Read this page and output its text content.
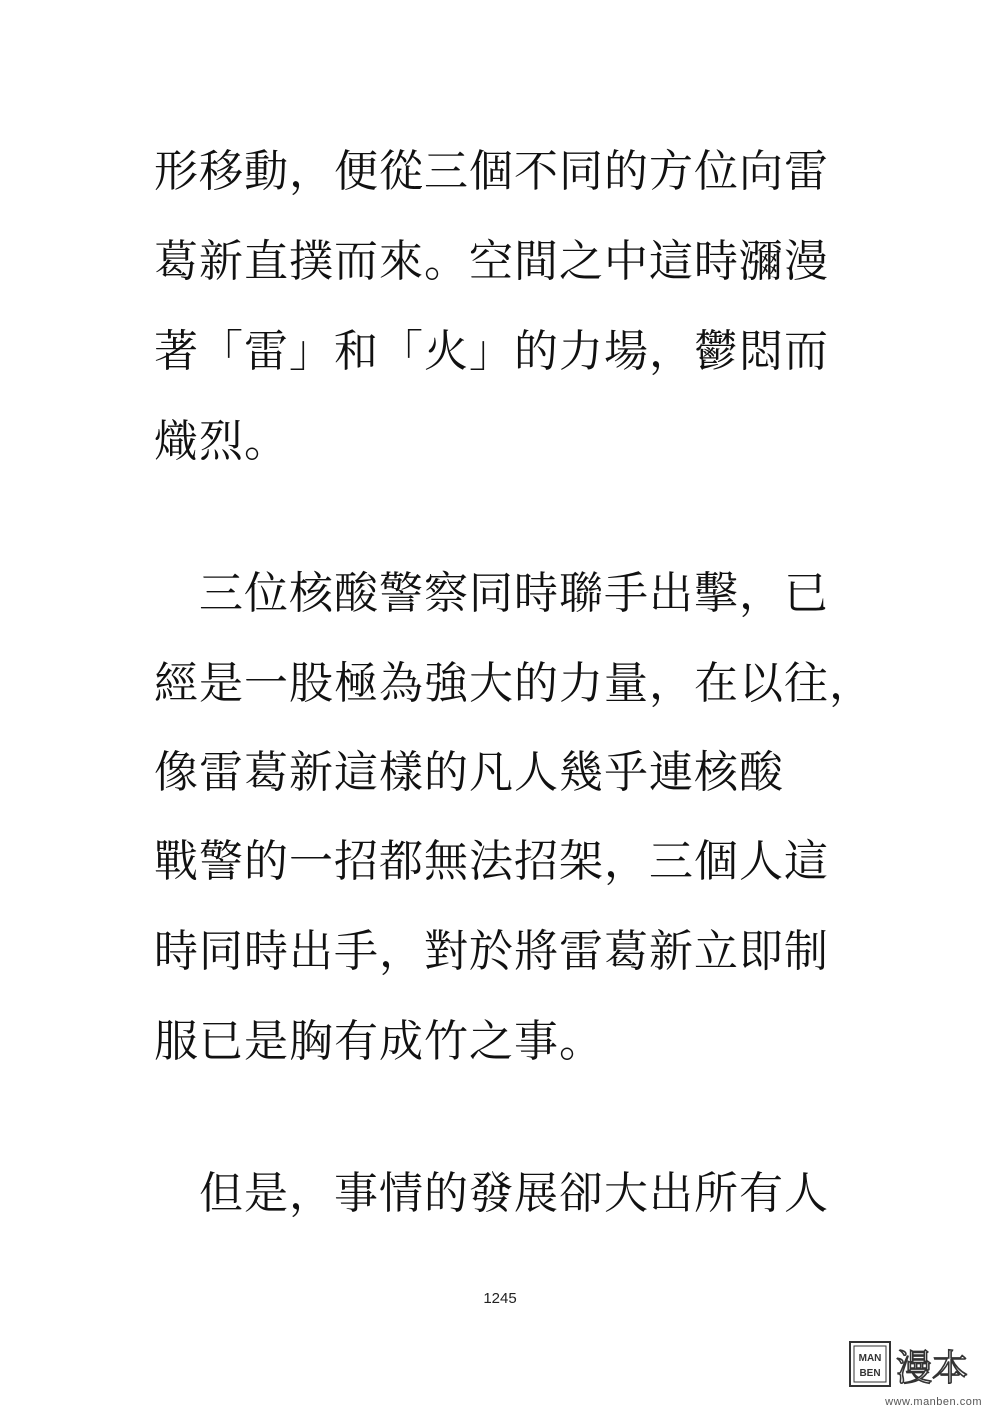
形移動，便從三個不同的方位向雷

葛新直撲而來。空間之中這時瀰漫

著「雷」和「火」的力場，鬱悶而

熾烈。

　三位核酸警察同時聯手出擊，已

經是一股極為強大的力量，在以往，

像雷葛新這樣的凡人幾乎連核酸

戰警的一招都無法招架，三個人這

時同時出手，對於將雷葛新立即制

服已是胸有成竹之事。

　但是，事情的發展卻大出所有人

1245
MAN
BEN 漫本
www.manben.com
